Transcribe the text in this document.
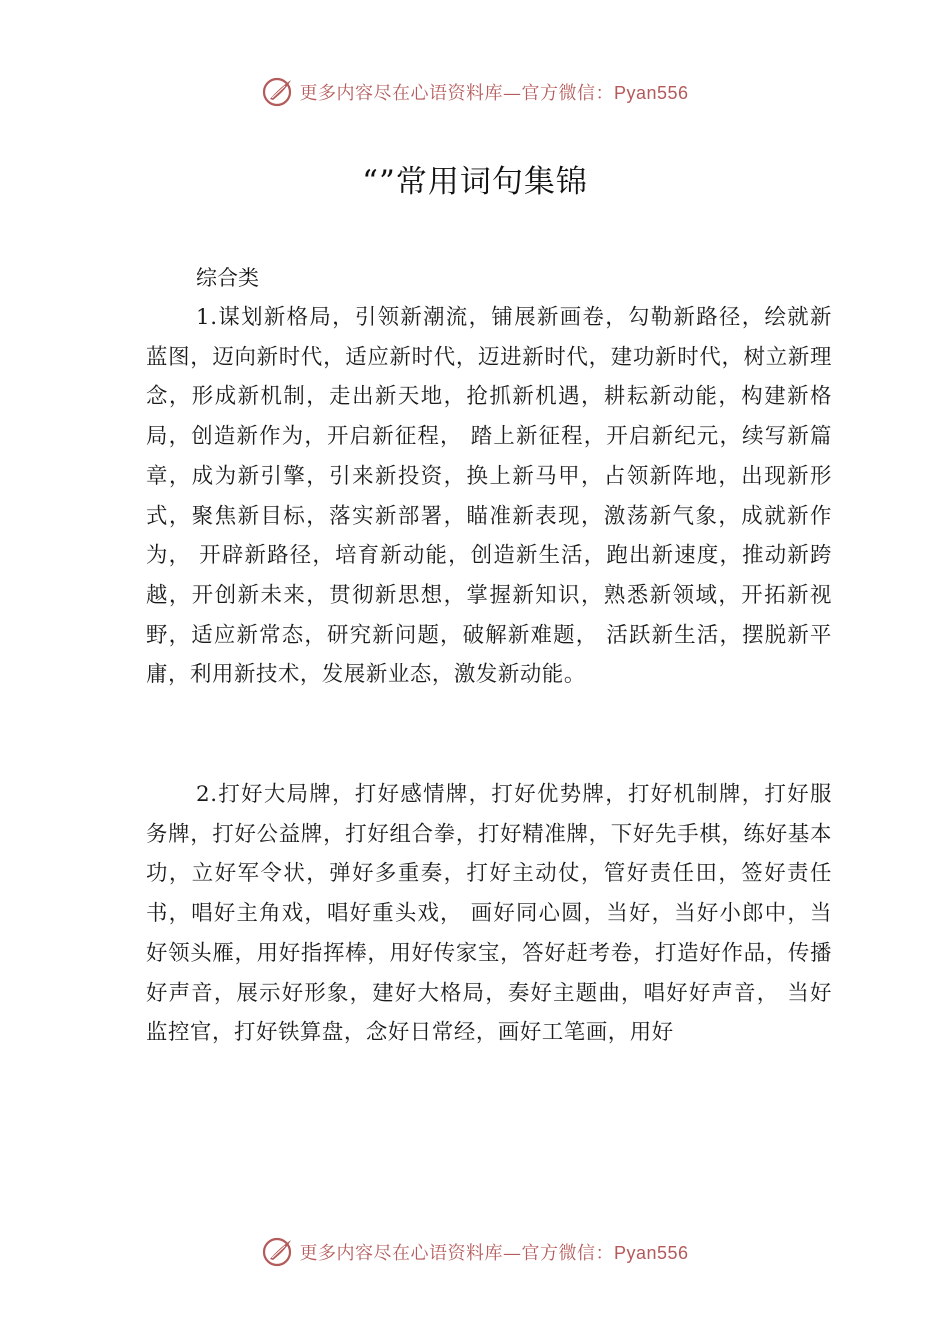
更多内容尽在心语资料库—官方微信：Pyan556
“”常用词句集锦
综合类

1.谋划新格局，引领新潮流，铺展新画卷，勾勒新路径，绘就新蓝图，迈向新时代，适应新时代，迈进新时代，建功新时代，树立新理念，形成新机制，走出新天地，抢抓新机遇，耕耘新动能，构建新格局，创造新作为，开启新征程， 踏上新征程，开启新纪元，续写新篇章，成为新引擎，引来新投资，换上新马甲，占领新阵地，出现新形式，聚焦新目标，落实新部署，瞄准新表现，激荡新气象，成就新作为， 开辟新路径，培育新动能，创造新生活，跑出新速度，推动新跨越，开创新未来，贯彻新思想，掌握新知识，熟悉新领域，开拓新视野，适应新常态，研究新问题，破解新难题， 活跃新生活，摆脱新平庸，利用新技术，发展新业态，激发新动能。

2.打好大局牌，打好感情牌，打好优势牌，打好机制牌，打好服务牌，打好公益牌，打好组合拳，打好精准牌，下好先手棋，练好基本功，立好军令状，弹好多重奏，打好主动仗，管好责任田，签好责任书，唱好主角戏，唱好重头戏， 画好同心圆，当好，当好小郎中，当好领头雁，用好指挥棒，用好传家宝，答好赶考卷，打造好作品，传播好声音，展示好形象，建好大格局，奏好主题曲，唱好好声音， 当好监控官，打好铁算盘，念好日常经，画好工笔画，用好

更多内容尽在心语资料库—官方微信：Pyan556
